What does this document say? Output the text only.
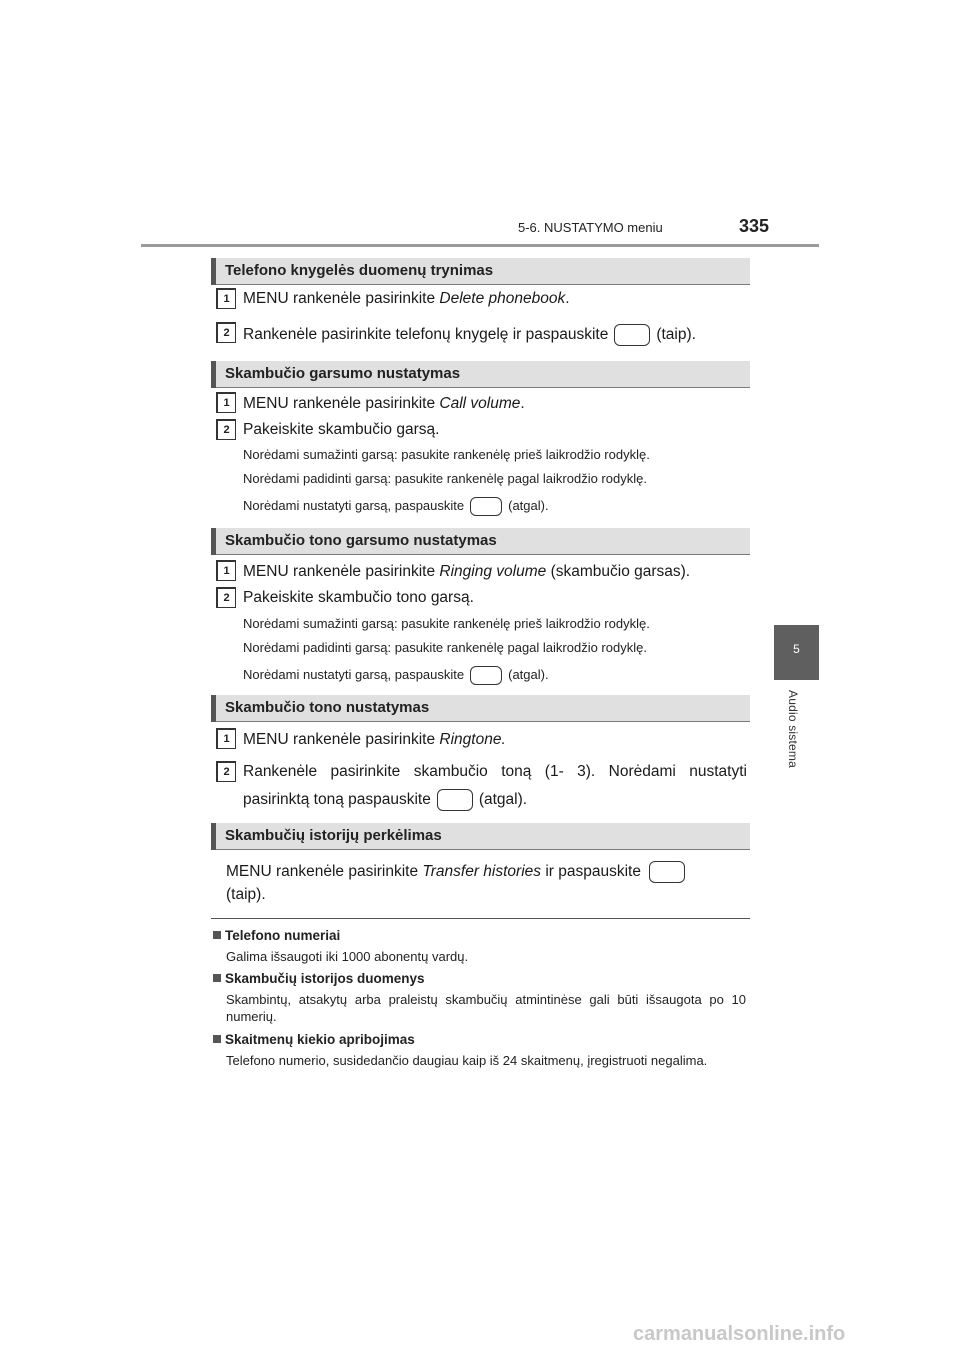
5-6. NUSTATYMO meniu	335
5
Audio sistema
Telefono knygelės duomenų trynimas
1 MENU rankenėle pasirinkite Delete phonebook.
2 Rankenėle pasirinkite telefonų knygelę ir paspauskite	(taip).
Skambučio garsumo nustatymas
1 MENU rankenėle pasirinkite Call volume.
2 Pakeiskite skambučio garsą.
Norėdami sumažinti garsą: pasukite rankenėlę prieš laikrodžio rodyklę.
Norėdami padidinti garsą: pasukite rankenėlę pagal laikrodžio rodyklę.
Norėdami nustatyti garsą, paspauskite	(atgal).
Skambučio tono garsumo nustatymas
1 MENU rankenėle pasirinkite Ringing volume (skambučio garsas).
2 Pakeiskite skambučio tono garsą.
Norėdami sumažinti garsą: pasukite rankenėlę prieš laikrodžio rodyklę.
Norėdami padidinti garsą: pasukite rankenėlę pagal laikrodžio rodyklę.
Norėdami nustatyti garsą, paspauskite	(atgal).
Skambučio tono nustatymas
1 MENU rankenėle pasirinkite Ringtone.
2 Rankenėle pasirinkite skambučio toną (1- 3). Norėdami nustatyti
pasirinktą toną paspauskite	(atgal).
Skambučių istorijų perkėlimas
MENU rankenėle pasirinkite Transfer histories ir paspauskite
(taip).
Telefono numeriai
Galima išsaugoti iki 1000 abonentų vardų.
Skambučių istorijos duomenys
Skambintų, atsakytų arba praleistų skambučių atmintinėse gali būti išsaugota po 10 numerių.
Skaitmenų kiekio apribojimas
Telefono numerio, susidedančio daugiau kaip iš 24 skaitmenų, įregistruoti negalima.
carmanualsonline.info
